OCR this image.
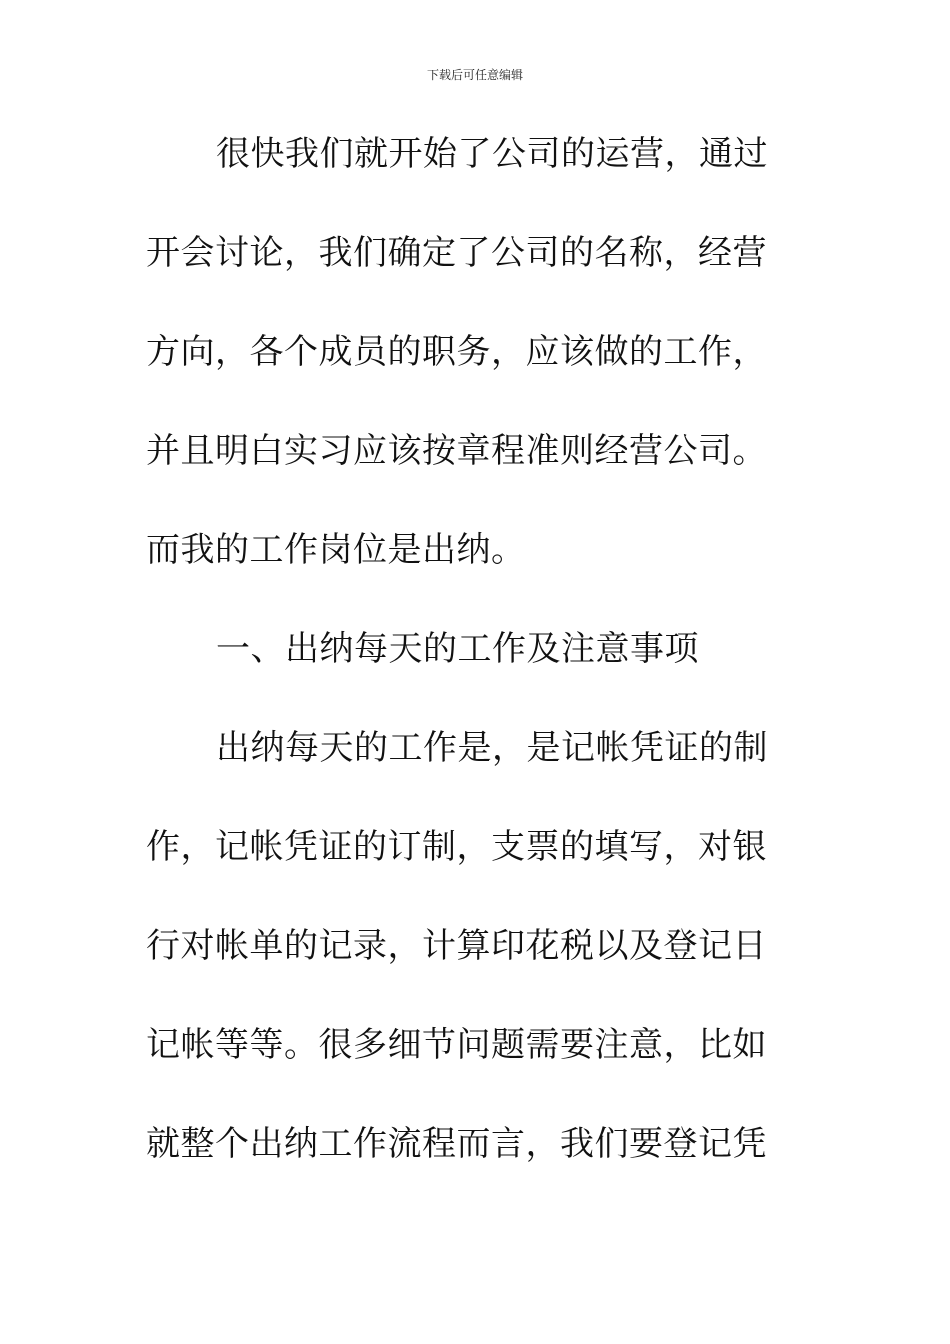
下载后可任意编辑
很快我们就开始了公司的运营，通过
开会讨论，我们确定了公司的名称，经营
方向，各个成员的职务，应该做的工作，
并且明白实习应该按章程准则经营公司。
而我的工作岗位是出纳。
一、出纳每天的工作及注意事项
出纳每天的工作是，是记帐凭证的制
作，记帐凭证的订制，支票的填写，对银
行对帐单的记录，计算印花税以及登记日
记帐等等。很多细节问题需要注意，比如
就整个出纳工作流程而言，我们要登记凭
